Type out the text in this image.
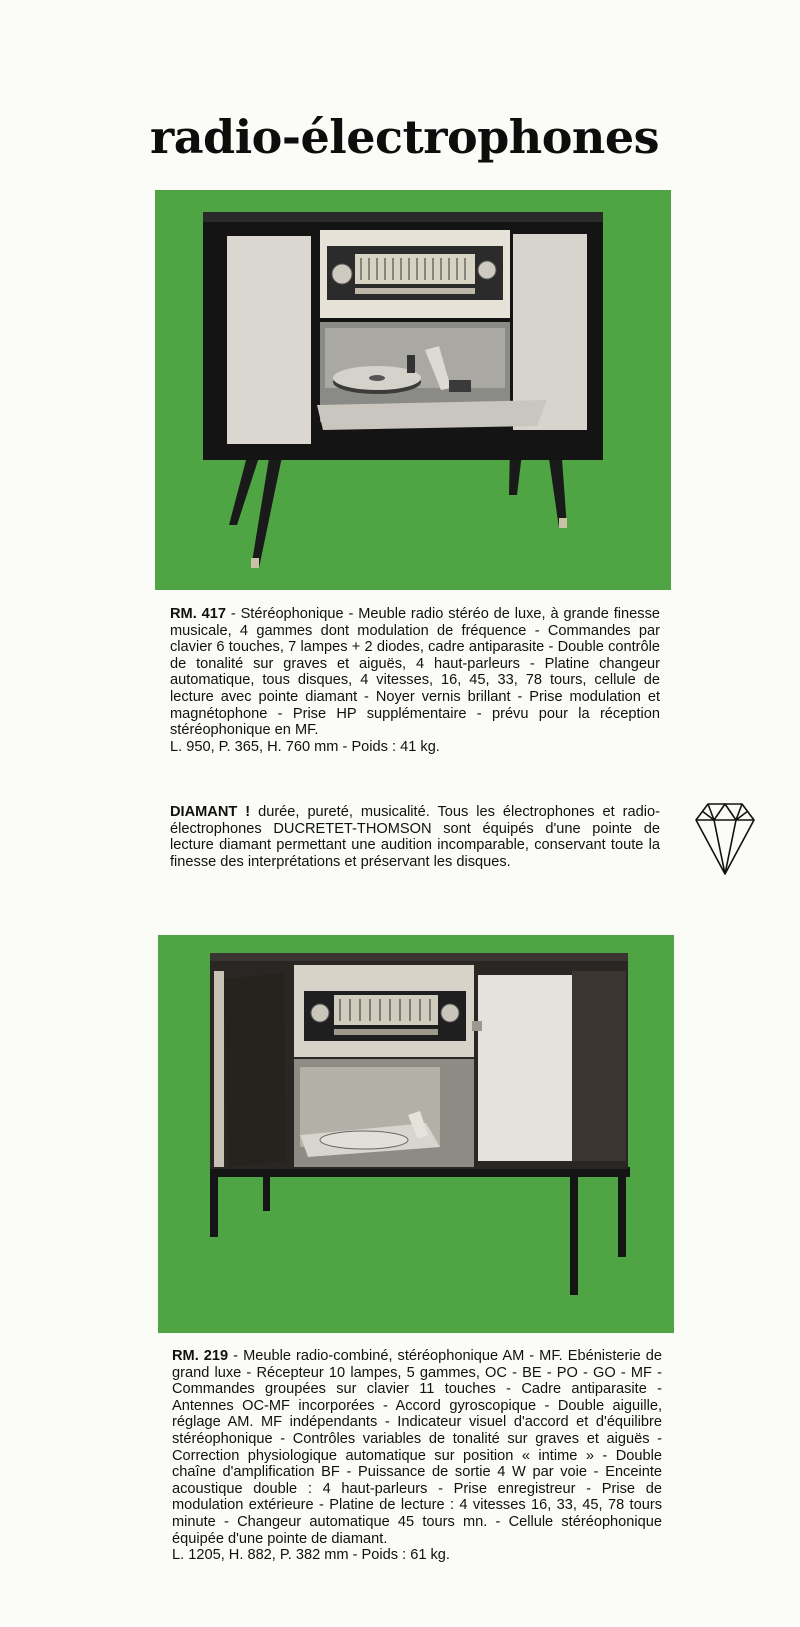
radio-électrophones

RM. 417 - Stéréophonique - Meuble radio stéréo de luxe, à grande finesse musicale, 4 gammes dont modulation de fréquence - Commandes par clavier 6 touches, 7 lampes + 2 diodes, cadre antiparasite - Double contrôle de tonalité sur graves et aiguës, 4 haut-parleurs - Platine changeur automatique, tous disques, 4 vitesses, 16, 45, 33, 78 tours, cellule de lecture avec pointe diamant - Noyer vernis brillant - Prise modulation et magnétophone - Prise HP supplémentaire - prévu pour la réception stéréophonique en MF.
L. 950, P. 365, H. 760 mm - Poids : 41 kg.

DIAMANT ! durée, pureté, musicalité. Tous les électrophones et radio-électrophones DUCRETET-THOMSON sont équipés d'une pointe de lecture diamant permettant une audition incomparable, conservant toute la finesse des interprétations et préservant les disques.

RM. 219 - Meuble radio-combiné, stéréophonique AM - MF. Ebénisterie de grand luxe - Récepteur 10 lampes, 5 gammes, OC - BE - PO - GO - MF - Commandes groupées sur clavier 11 touches - Cadre antiparasite - Antennes OC-MF incorporées - Accord gyroscopique - Double aiguille, réglage AM. MF indépendants - Indicateur visuel d'accord et d'équilibre stéréophonique - Contrôles variables de tonalité sur graves et aiguës - Correction physiologique automatique sur position « intime » - Double chaîne d'amplification BF - Puissance de sortie 4 W par voie - Enceinte acoustique double : 4 haut-parleurs - Prise enregistreur - Prise de modulation extérieure - Platine de lecture : 4 vitesses 16, 33, 45, 78 tours minute - Changeur automatique 45 tours mn. - Cellule stéréophonique équipée d'une pointe de diamant.
L. 1205, H. 882, P. 382 mm - Poids : 61 kg.
